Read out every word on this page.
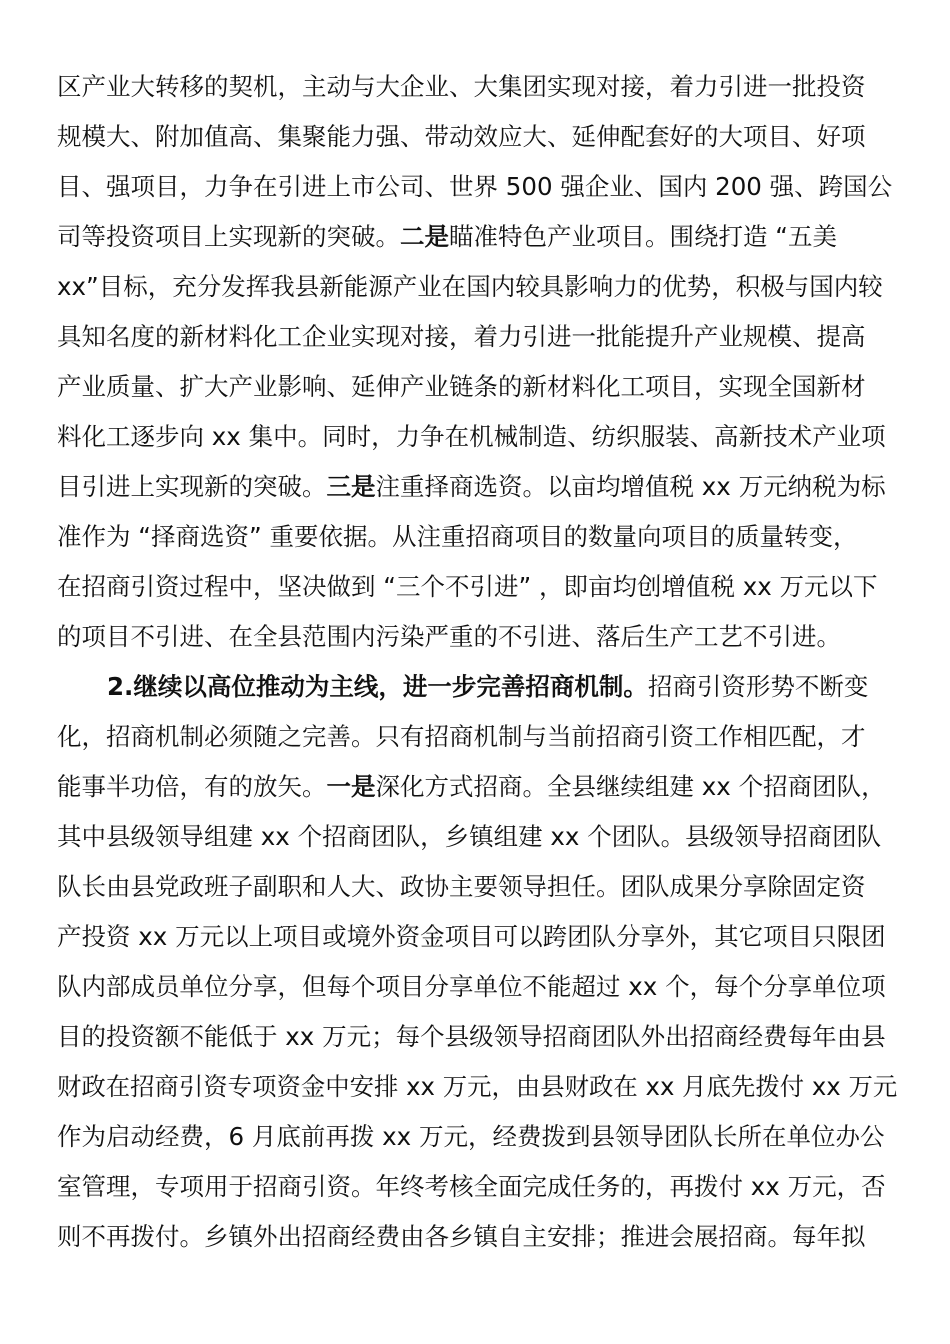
区产业大转移的契机，主动与大企业、大集团实现对接，着力引进一批投资
规模大、附加值高、集聚能力强、带动效应大、延伸配套好的大项目、好项
目、强项目，力争在引进上市公司、世界 500 强企业、国内 200 强、跨国公
司等投资项目上实现新的突破。二是瞄准特色产业项目。围绕打造 “五美
xx”目标，充分发挥我县新能源产业在国内较具影响力的优势，积极与国内较
具知名度的新材料化工企业实现对接，着力引进一批能提升产业规模、提高
产业质量、扩大产业影响、延伸产业链条的新材料化工项目，实现全国新材
料化工逐步向 xx 集中。同时，力争在机械制造、纺织服装、高新技术产业项
目引进上实现新的突破。三是注重择商选资。以亩均增值税 xx 万元纳税为标
准作为 “择商选资” 重要依据。从注重招商项目的数量向项目的质量转变，
在招商引资过程中，坚决做到 “三个不引进” ，即亩均创增值税 xx 万元以下
的项目不引进、在全县范围内污染严重的不引进、落后生产工艺不引进。
2.继续以高位推动为主线，进一步完善招商机制。招商引资形势不断变
化，招商机制必须随之完善。只有招商机制与当前招商引资工作相匹配，才
能事半功倍，有的放矢。一是深化方式招商。全县继续组建 xx 个招商团队，
其中县级领导组建 xx 个招商团队，乡镇组建 xx 个团队。县级领导招商团队
队长由县党政班子副职和人大、政协主要领导担任。团队成果分享除固定资
产投资 xx 万元以上项目或境外资金项目可以跨团队分享外，其它项目只限团
队内部成员单位分享，但每个项目分享单位不能超过 xx 个，每个分享单位项
目的投资额不能低于 xx 万元；每个县级领导招商团队外出招商经费每年由县
财政在招商引资专项资金中安排 xx 万元，由县财政在 xx 月底先拨付 xx 万元
作为启动经费，6 月底前再拨 xx 万元，经费拨到县领导团队长所在单位办公
室管理，专项用于招商引资。年终考核全面完成任务的，再拨付 xx 万元，否
则不再拨付。乡镇外出招商经费由各乡镇自主安排；推进会展招商。每年拟
